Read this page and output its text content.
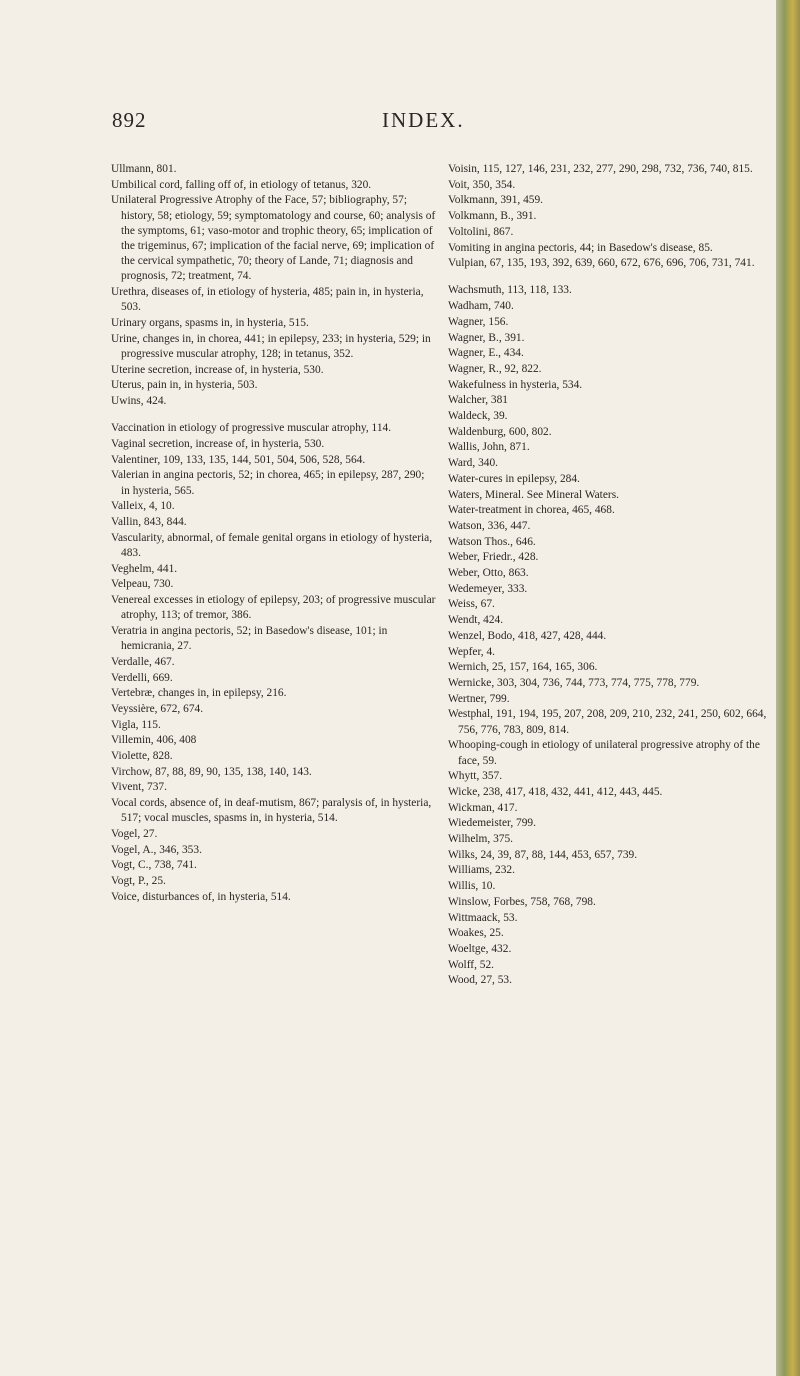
892	INDEX.
Ullmann, 801.
Umbilical cord, falling off of, in etiology of tetanus, 320.
Unilateral Progressive Atrophy of the Face, 57; bibliography, 57; history, 58; etiology, 59; symptomatology and course, 60; analysis of the symptoms, 61; vaso-motor and trophic theory, 65; implication of the trigeminus, 67; implication of the facial nerve, 69; implication of the cervical sympathetic, 70; theory of Lande, 71; diagnosis and prognosis, 72; treatment, 74.
Urethra, diseases of, in etiology of hysteria, 485; pain in, in hysteria, 503.
Urinary organs, spasms in, in hysteria, 515.
Urine, changes in, in chorea, 441; in epilepsy, 233; in hysteria, 529; in progressive muscular atrophy, 128; in tetanus, 352.
Uterine secretion, increase of, in hysteria, 530.
Uterus, pain in, in hysteria, 503.
Uwins, 424.
Vaccination in etiology of progressive muscular atrophy, 114.
Vaginal secretion, increase of, in hysteria, 530.
Valentiner, 109, 133, 135, 144, 501, 504, 506, 528, 564.
Valerian in angina pectoris, 52; in chorea, 465; in epilepsy, 287, 290; in hysteria, 565.
Valleix, 4, 10.
Vallin, 843, 844.
Vascularity, abnormal, of female genital organs in etiology of hysteria, 483.
Veghelm, 441.
Velpeau, 730.
Venereal excesses in etiology of epilepsy, 203; of progressive muscular atrophy, 113; of tremor, 386.
Veratria in angina pectoris, 52; in Basedow's disease, 101; in hemicrania, 27.
Verdalle, 467.
Verdelli, 669.
Vertebræ, changes in, in epilepsy, 216.
Veyssière, 672, 674.
Vigla, 115.
Villemin, 406, 408
Violette, 828.
Virchow, 87, 88, 89, 90, 135, 138, 140, 143.
Vivent, 737.
Vocal cords, absence of, in deaf-mutism, 867; paralysis of, in hysteria, 517; vocal muscles, spasms in, in hysteria, 514.
Vogel, 27.
Vogel, A., 346, 353.
Vogt, C., 738, 741.
Vogt, P., 25.
Voice, disturbances of, in hysteria, 514.
Voisin, 115, 127, 146, 231, 232, 277, 290, 298, 732, 736, 740, 815.
Voit, 350, 354.
Volkmann, 391, 459.
Volkmann, B., 391.
Voltolini, 867.
Vomiting in angina pectoris, 44; in Basedow's disease, 85.
Vulpian, 67, 135, 193, 392, 639, 660, 672, 676, 696, 706, 731, 741.
Wachsmuth, 113, 118, 133.
Wadham, 740.
Wagner, 156.
Wagner, B., 391.
Wagner, E., 434.
Wagner, R., 92, 822.
Wakefulness in hysteria, 534.
Walcher, 381
Waldeck, 39.
Waldenburg, 600, 802.
Wallis, John, 871.
Ward, 340.
Water-cures in epilepsy, 284.
Waters, Mineral. See Mineral Waters.
Water-treatment in chorea, 465, 468.
Watson, 336, 447.
Watson Thos., 646.
Weber, Friedr., 428.
Weber, Otto, 863.
Wedemeyer, 333.
Weiss, 67.
Wendt, 424.
Wenzel, Bodo, 418, 427, 428, 444.
Wepfer, 4.
Wernich, 25, 157, 164, 165, 306.
Wernicke, 303, 304, 736, 744, 773, 774, 775, 778, 779.
Wertner, 799.
Westphal, 191, 194, 195, 207, 208, 209, 210, 232, 241, 250, 602, 664, 756, 776, 783, 809, 814.
Whooping-cough in etiology of unilateral progressive atrophy of the face, 59.
Whytt, 357.
Wicke, 238, 417, 418, 432, 441, 412, 443, 445.
Wickman, 417.
Wiedemeister, 799.
Wilhelm, 375.
Wilks, 24, 39, 87, 88, 144, 453, 657, 739.
Williams, 232.
Willis, 10.
Winslow, Forbes, 758, 768, 798.
Wittmaack, 53.
Woakes, 25.
Woeltge, 432.
Wolff, 52.
Wood, 27, 53.
